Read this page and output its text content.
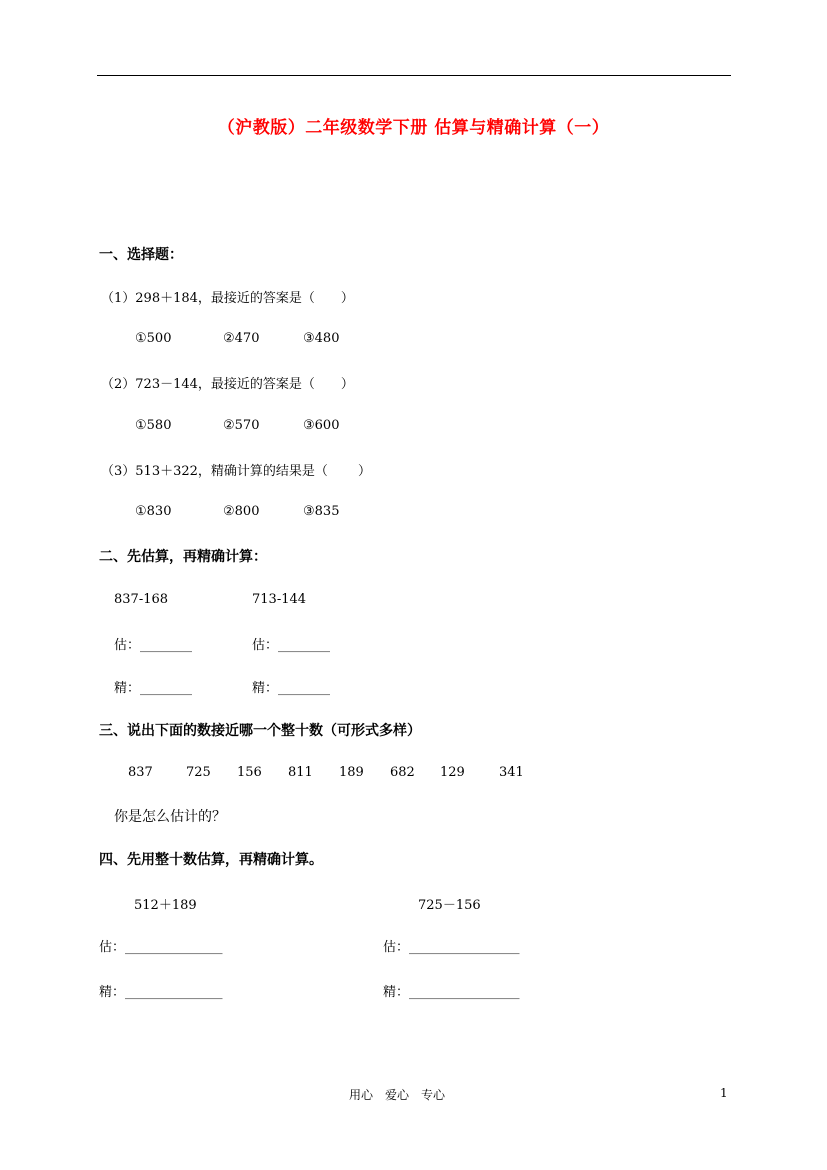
（沪教版）二年级数学下册 估算与精确计算（一）
一、选择题：
（1）298＋184，最接近的答案是（　　）
①500	②470	③480
（2）723－144，最接近的答案是（　　）
①580	②570	③600
（3）513＋322，精确计算的结果是（　　 ）
①830	②800	③835
二、先估算，再精确计算：
837-168	713-144
估：________	估：________
精：________	精：________
三、说出下面的数接近哪一个整十数（可形式多样）
837	725 156 811 189 682 129	341
你是怎么估计的？
四、先用整十数估算，再精确计算。
512＋189	725－156
估：_______________	估：_________________
精：_______________	精：_________________
用心　爱心　专心	1
